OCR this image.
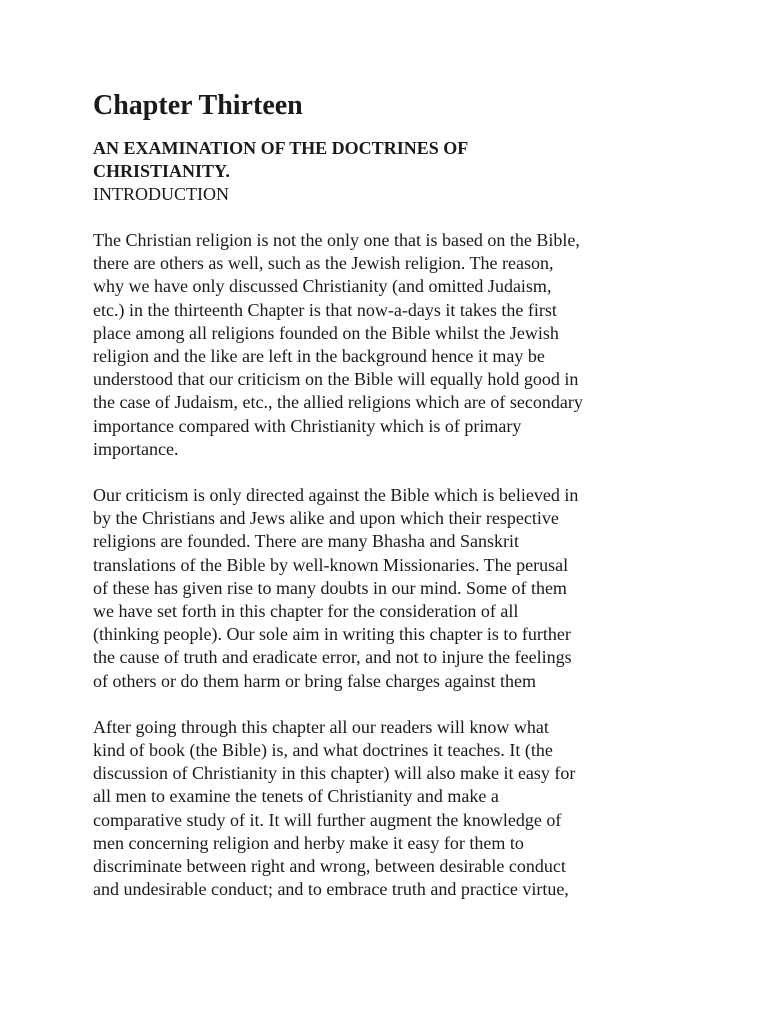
Chapter Thirteen
AN EXAMINATION OF THE DOCTRINES OF
CHRISTIANITY.
INTRODUCTION
The Christian religion is not the only one that is based on the Bible,
there are others as well, such as the Jewish religion. The reason,
why we have only discussed Christianity (and omitted Judaism,
etc.) in the thirteenth Chapter is that now-a-days it takes the first
place among all religions founded on the Bible whilst the Jewish
religion and the like are left in the background hence it may be
understood that our criticism on the Bible will equally hold good in
the case of Judaism, etc., the allied religions which are of secondary
importance compared with Christianity which is of primary
importance.
Our criticism is only directed against the Bible which is believed in
by the Christians and Jews alike and upon which their respective
religions are founded. There are many Bhasha and Sanskrit
translations of the Bible by well-known Missionaries. The perusal
of these has given rise to many doubts in our mind. Some of them
we have set forth in this chapter for the consideration of all
(thinking people). Our sole aim in writing this chapter is to further
the cause of truth and eradicate error, and not to injure the feelings
of others or do them harm or bring false charges against them
After going through this chapter all our readers will know what
kind of book (the Bible) is, and what doctrines it teaches. It (the
discussion of Christianity in this chapter) will also make it easy for
all men to examine the tenets of Christianity and make a
comparative study of it. It will further augment the knowledge of
men concerning religion and herby make it easy for them to
discriminate between right and wrong, between desirable conduct
and undesirable conduct; and to embrace truth and practice virtue,
